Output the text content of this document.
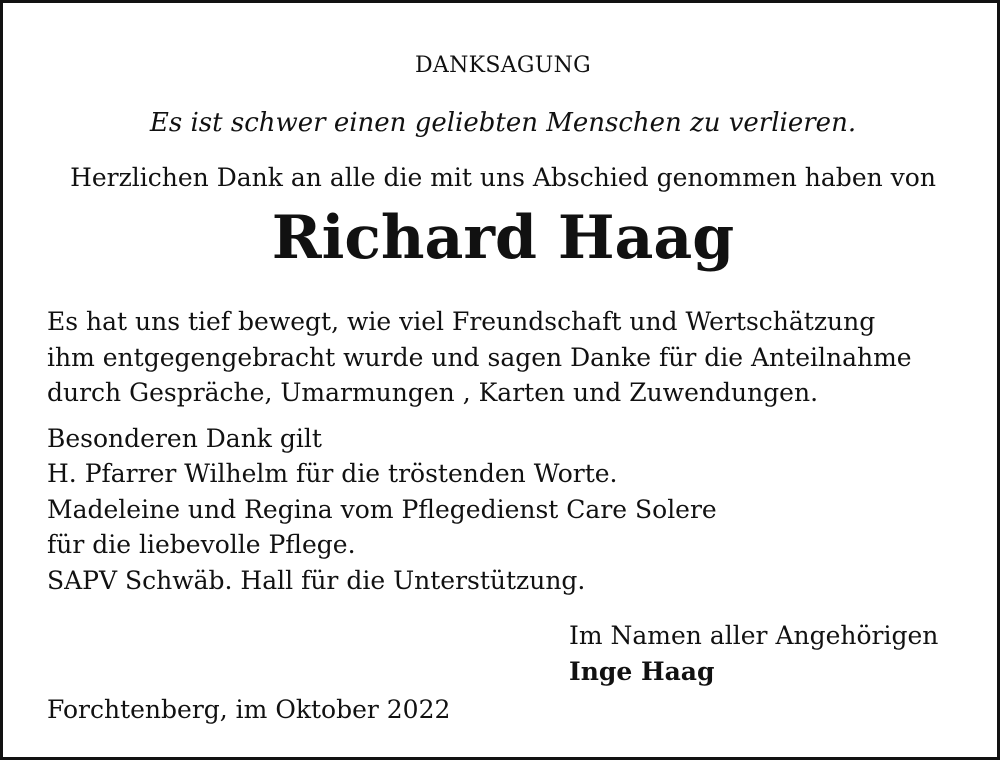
DANKSAGUNG

Es ist schwer einen geliebten Menschen zu verlieren.

Herzlichen Dank an alle die mit uns Abschied genommen haben von

Richard Haag

Es hat uns tief bewegt, wie viel Freundschaft und Wertschätzung

ihm entgegengebracht wurde und sagen Danke für die Anteilnahme

durch Gespräche, Umarmungen , Karten und Zuwendungen.

Besonderen Dank gilt

H. Pfarrer Wilhelm für die tröstenden Worte.

Madeleine und Regina vom Pflegedienst Care Solere

für die liebevolle Pflege.

SAPV Schwäb. Hall für die Unterstützung.

Im Namen aller Angehörigen

Inge Haag

Forchtenberg, im Oktober 2022
